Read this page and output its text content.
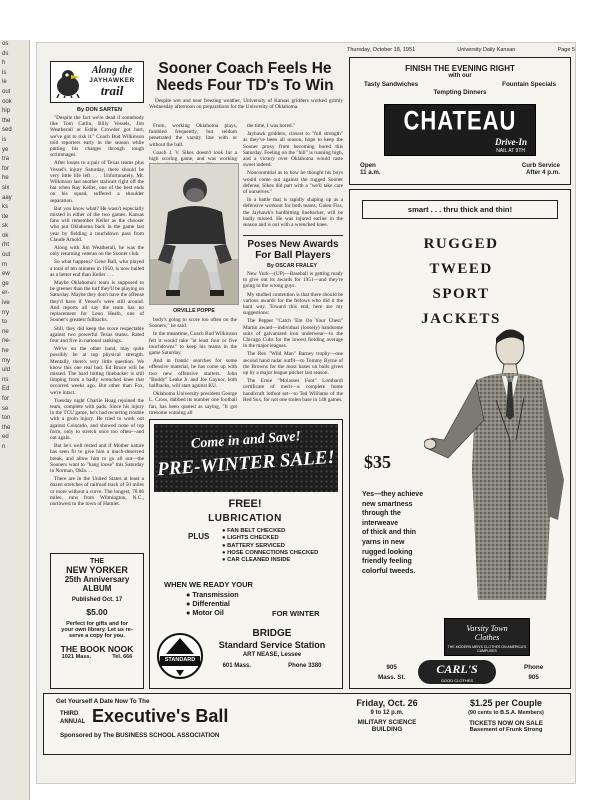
os
ds
h
is
le
out
ook
hip
the
sed
is
ye
tra
for
he
six
aay
ks
ite
sk
ok
rht
out
m
ew
ge
er-
ive
rry
to
ne
ne-
he
my
uld
ns
Ed
for
se
ton
the
ed
n
Thursday, October 18, 1951	University Daily Kansan	Page 5
Along the
JAYHAWKER
trail
By DON SARTEN

"Despite the fact we're dead if somebody like Tom Catlin, Billy Vessels, Jim Weatherall or Eddie Crowder got hurt, we've got to risk it." Coach Bud Wilkinson told reporters early in the season while putting his charges through rough scrimmages.

After losses to a pair of Texas teams plus Vessel's injury Saturday, there should be very little life left . . . Unfortunately, Mr. Wilkinson last another stalwart right off the bat when Ray Keller, one of the best ends on his squad, suffered a shoulder separation.

But you know what? He wasn't especially missed in either of the two games. Kansas fans will remember Keller as the chooser who put Oklahoma back in the game last year by fielding a touchdown pass from Claude Arnold.

Along with Jim Weatherall, he was the only returning veteran on the Sooner club.

So what happens? Gene Ball, who played a total of ten minutes in 1950, is now hailed as a better end than Keller . . .

Maybe Oklahoma's team is supposed to be greener than the turf they'll be playing on Saturday. Maybe they don't have the offense they'd have if Vessel's were still around. And reports all say the team has no replacement for Leon Heath, one of Sooner's greatest fullbacks.

Still, they did keep the score respectable against two powerful Texas teams. Rated four and five in national rankings.

We've on the other hand, may quite possibly be at top physical strength. Mentally, there's very little question. We know this one real bad. Ed Bruce will be missed. The hard hitting linebacker is still limping from a badly wrenched knee that occurred weeks ago. But other than Fox, we're intact.

Tuesday night Charlie Hoag rejoined the team, complete with pads. Since his injury in the TCU game, he's had recurring trouble with a groin injury. He tried to work out against Colorado, and showed none of top form, only to stretch once too often—and out again.

But he's well rested and if Mother nature has seen fit to give him a much-deserved break, and allow him to go all out—the Sooners want to "hang loose" this Saturday in Norman, Okla. . .

There are in the United States at least a dozen stretches of railroad track of 50 miles or more without a curve. The longest, 78.86 miles, runs from Wilmington, N.C., northwest to the town of Hamlet.

THE
NEW YORKER
25th Anniversary
ALBUM
Published Oct. 17
$5.00
Perfect for gifts and for
your own library. Let us re-
serve a copy for you.
THE BOOK NOOK
1021 Mass.	Tel. 666
Sooner Coach Feels He
Needs Four TD's To Win
Despite wet and near freezing weather, University of Kansas gridders worked grimly Wednesday afternoon on preparations for the University of Oklahoma.

From, working Oklahoma plays, fumbled frequently, but seldom penetrated the varsity line with or without the ball.

Coach J. V. Sikes doesn't look for a high scoring game, and was working

ORVILLE POPPE

the time, I was bored."

Jayhawk gridders, closest to "full strength" as they've been all season, hope to keep the Sooner proxy from becoming bored this Saturday. Feeling on the "hill" is running high, and a victory over Oklahoma would taste sweet indeed.

Nonconmitial as to how he thought his boys would come out against the rugged Sooner defense, Sikes did part with a "we'll take care of ourselves."

In a battle that is rapidly shaping up as a defensive workout for both teams, Galen Fiss, the Jayhawk's hardhitting linebacker, will be badly missed. He was injured earlier in the season and is out with a wrenched knee.

body's going to score too often on the Sooners," he said.

In the meantime, Coach Bud Wilkinson felt it would take "at least four or five touchdowns" to keep his teams in the game Saturday.

And in frantic searches for some offensive material, he has come up with two new offensive starters. John "Buddy" Leake Jr. and Joe Gaynor, both halfbacks, will start against KU.

Oklahoma University president George L. Cross, dubbed its number one football fan, has been quoted as saying, "It got tiresome winning all

Poses New Awards
For Ball Players
By OSCAR FRALEY

New York—(UP)—Baseball is getting ready to give out its awards for 1951—and they're going to the wrong guys.

My studied contention is that there should be various awards for the fellows who did it the hard way. Toward this end, here are my suggestions:

The Pepper "Catch 'Em On Your Chest" Martin award—individual (loosely) handsome suits of galvanized iron underwear—to the Chicago Cubs for the lowest fielding average in the major leagues.

The Rex "Wild Man" Barney trophy—one second hand radar outfit—to Tommy Byrne of the Browns for the most bases on balls given up by a major league pitcher last season.

The Ernie "Molasses Foot" Lombardi certificate of merit—a complete home handicraft lotfoot set—to Ted Williams of the Red Sox, for not one stolen base in 148 games.

FINISH THE EVENING RIGHT
with our
Tasty Sandwiches	Fountain Specials
Tempting Dinners
CHATEAU
Drive-In
NAIL AT 9TH
Open
11 a.m.
Curb Service
After 4 p.m.
Come in and Save!
PRE-WINTER SALE!
FREE!
LUBRICATION
PLUS
● FAN BELT CHECKED
● LIGHTS CHECKED
● BATTERY SERVICED
● HOSE CONNECTIONS CHECKED
● CAR CLEANED INSIDE
WHEN WE READY YOUR
● Transmission
● Differential
● Motor Oil	FOR WINTER
STANDARD
BRIDGE
Standard Service Station
ART NEASE, Lessee
601 Mass.	Phone 3380
smart . . . thru thick and thin!
RUGGED
TWEED
SPORT
JACKETS
$35
Yes—they achieve
new smartness
through the
interweave
of thick and thin
yarns in new
rugged looking
friendly feeling
colorful tweeds.
Varsity Town
Clothes
THE MODERN MEN'S CLOTHES ON AMERICA'S CAMPUSES
905
Mass. St.
CARL'S
GOOD CLOTHES
Phone
905
Get Yourself A Date Now To The
THIRD
ANNUAL Executive's Ball
Sponsored by The BUSINESS SCHOOL ASSOCIATION
Friday, Oct. 26
9 to 12 p.m.
MILITARY SCIENCE
BUILDING
$1.25 per Couple
(90 cents to B.S.A. Members)
TICKETS NOW ON SALE
Basement of Frunk Strong
